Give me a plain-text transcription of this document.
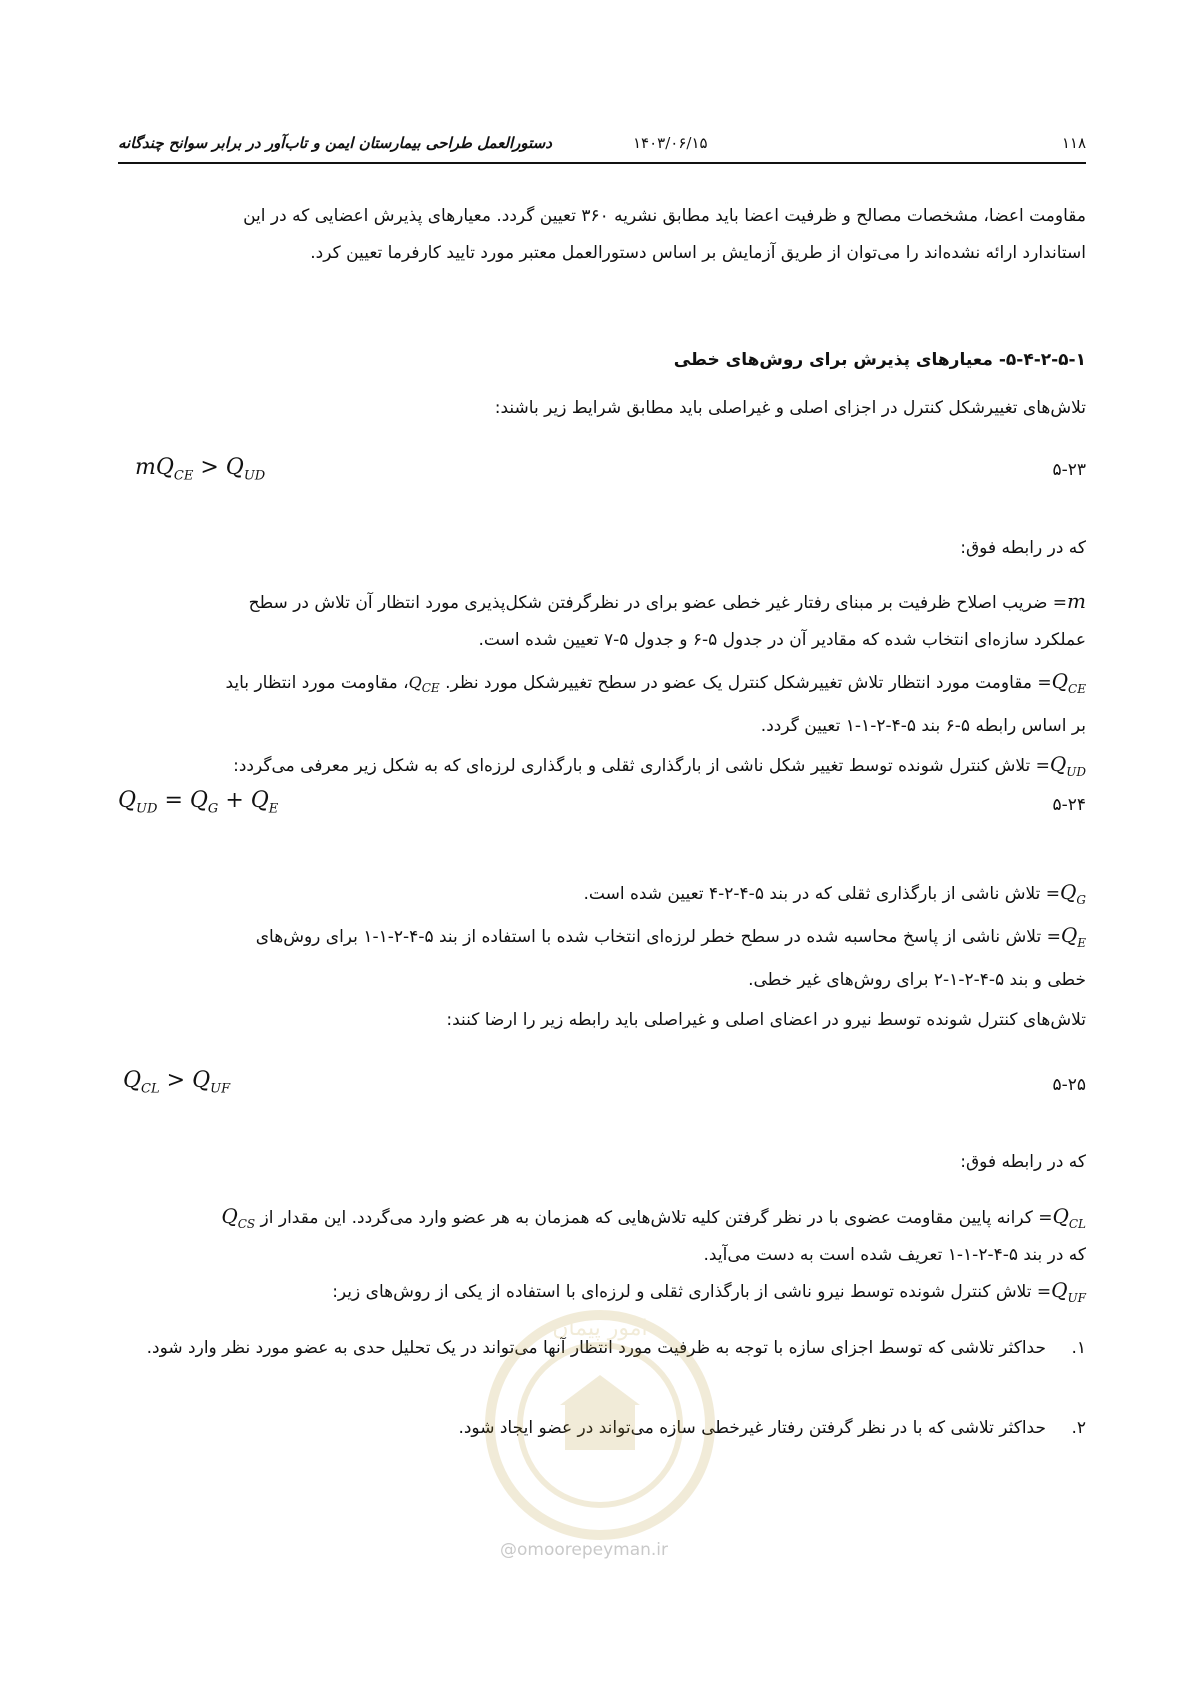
۱۱۸
۱۴۰۳/۰۶/۱۵
دستورالعمل طراحی بیمارستان ایمن و تاب‌آور در برابر سوانح چندگانه
مقاومت اعضا، مشخصات مصالح و ظرفیت اعضا باید مطابق نشریه ۳۶۰ تعیین گردد. معیارهای پذیرش اعضایی که در این
استاندارد ارائه نشده‌اند را می‌توان از طریق آزمایش بر اساس دستورالعمل معتبر مورد تایید کارفرما تعیین کرد.
۵-۴-۲-۵-۱- معیارهای پذیرش برای روش‌های خطی
تلاش‌های تغییرشکل کنترل در اجزای اصلی و غیراصلی باید مطابق شرایط زیر باشند:
$mQ_{CE} > Q_{UD}$	۵-۲۳
که در رابطه فوق:
m= ضریب اصلاح ظرفیت بر مبنای رفتار غیر خطی عضو برای در نظرگرفتن شکل‌پذیری مورد انتظار آن تلاش در سطح
عملکرد سازه‌ای انتخاب شده که مقادیر آن در جدول ۵-۶ و جدول ۵-۷ تعیین شده است.
$Q_{CE}=$ مقاومت مورد انتظار تلاش تغییرشکل کنترل یک عضو در سطح تغییرشکل مورد نظر. $Q_{CE}،$ مقاومت مورد انتظار باید
بر اساس رابطه ۵-۶ بند ۵-۴-۲-۱-۱ تعیین گردد.
$Q_{UD}=$ تلاش کنترل شونده توسط تغییر شکل ناشی از بارگذاری ثقلی و بارگذاری لرزه‌ای که به شکل زیر معرفی می‌گردد:
$Q_{UD} = Q_G + Q_E$	۵-۲۴
$Q_G=$ تلاش ناشی از بارگذاری ثقلی که در بند ۵-۴-۲-۴ تعیین شده است.
$Q_E=$ تلاش ناشی از پاسخ محاسبه شده در سطح خطر لرزه‌ای انتخاب شده با استفاده از بند ۵-۴-۲-۱-۱ برای روش‌های
خطی و بند ۵-۴-۲-۱-۲ برای روش‌های غیر خطی.
تلاش‌های کنترل شونده توسط نیرو در اعضای اصلی و غیراصلی باید رابطه زیر را ارضا کنند:
$Q_{CL} > Q_{UF}$	۵-۲۵
که در رابطه فوق:
$Q_{CL}=$ کرانه پایین مقاومت عضوی با در نظر گرفتن کلیه تلاش‌هایی که همزمان به هر عضو وارد می‌گردد. این مقدار از $Q_{CS}$
که در بند ۵-۴-۲-۱-۱ تعریف شده است به دست می‌آید.
$Q_{UF}=$ تلاش کنترل شونده توسط نیرو ناشی از بارگذاری ثقلی و لرزه‌ای با استفاده از یکی از روش‌های زیر:
۱.
حداکثر تلاشی که توسط اجزای سازه با توجه به ظرفیت مورد انتظار آنها می‌تواند در یک تحلیل حدی به عضو مورد نظر وارد شود.
۲.
حداکثر تلاشی که با در نظر گرفتن رفتار غیرخطی سازه می‌تواند در عضو ایجاد شود.
امور پیمان
@omoorepeyman.ir
